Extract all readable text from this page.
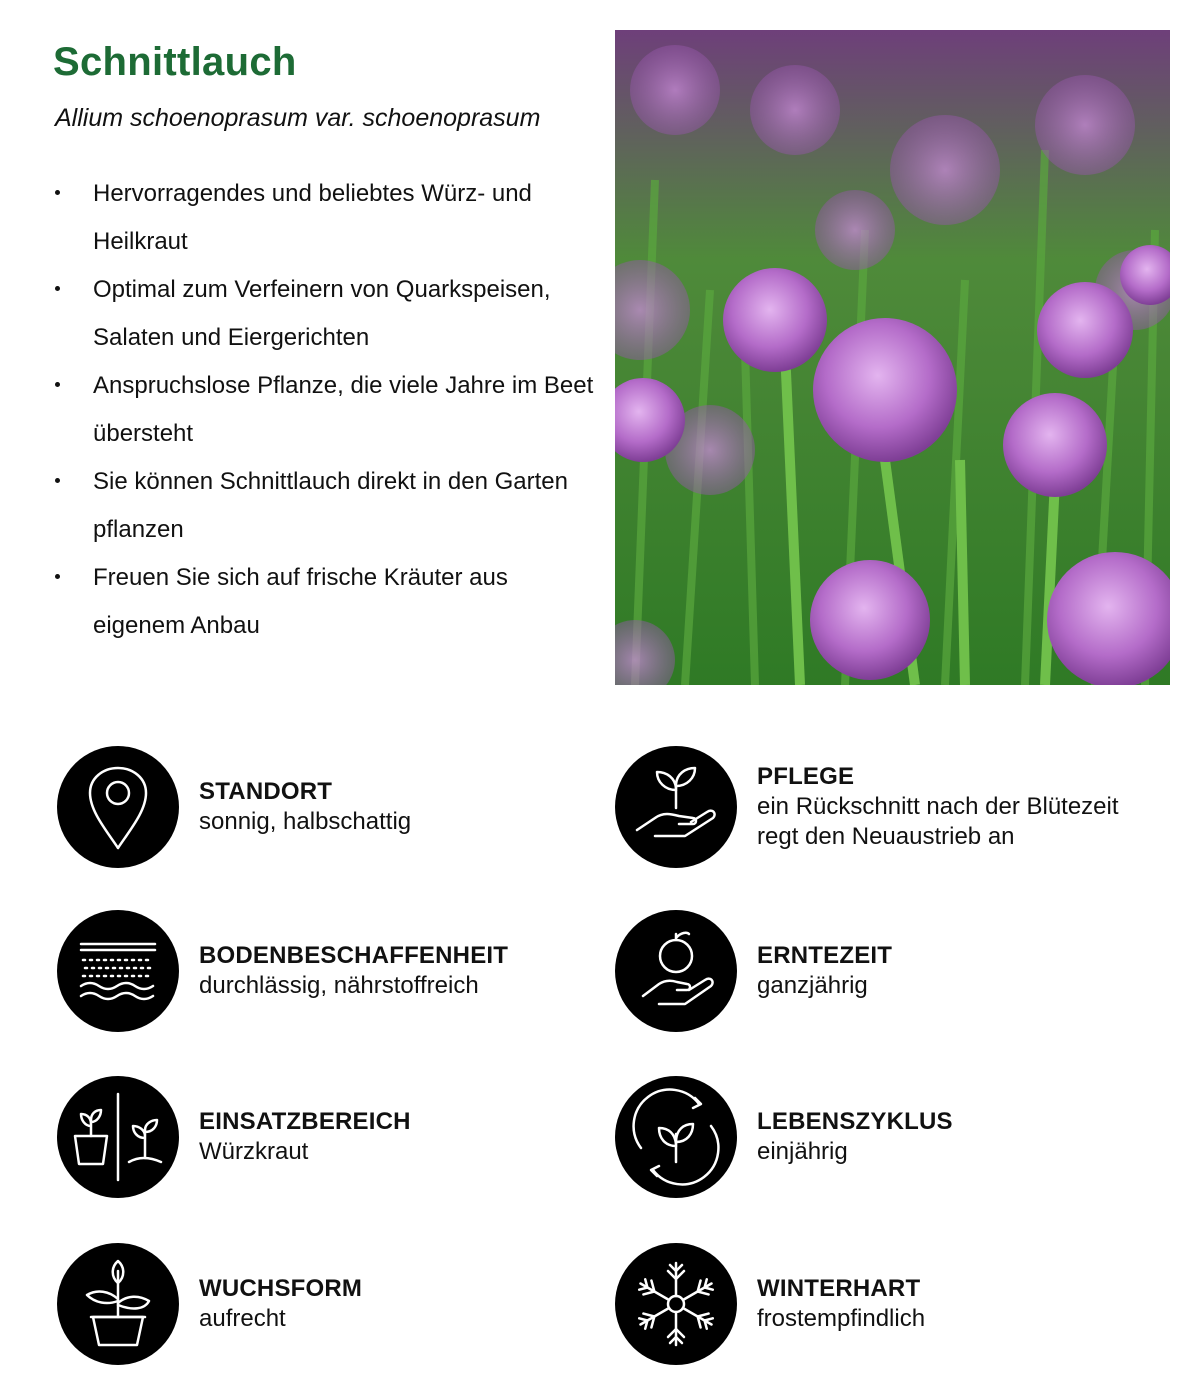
Schnittlauch

Allium schoenoprasum var. schoenoprasum

Hervorragendes und beliebtes Würz- und Heilkraut
Optimal zum Verfeinern von Quarkspeisen, Salaten und Eiergerichten
Anspruchslose Pflanze, die viele Jahre im Beet übersteht
Sie können Schnittlauch direkt in den Garten pflanzen
Freuen Sie sich auf frische Kräuter aus eigenem Anbau
STANDORT
sonnig, halbschattig
PFLEGE
ein Rückschnitt nach der Blütezeit regt den Neuaustrieb an
BODENBESCHAFFENHEIT
durchlässig, nährstoffreich
ERNTEZEIT
ganzjährig
EINSATZBEREICH
Würzkraut
LEBENSZYKLUS
einjährig
WUCHSFORM
aufrecht
WINTERHART
frostempfindlich
